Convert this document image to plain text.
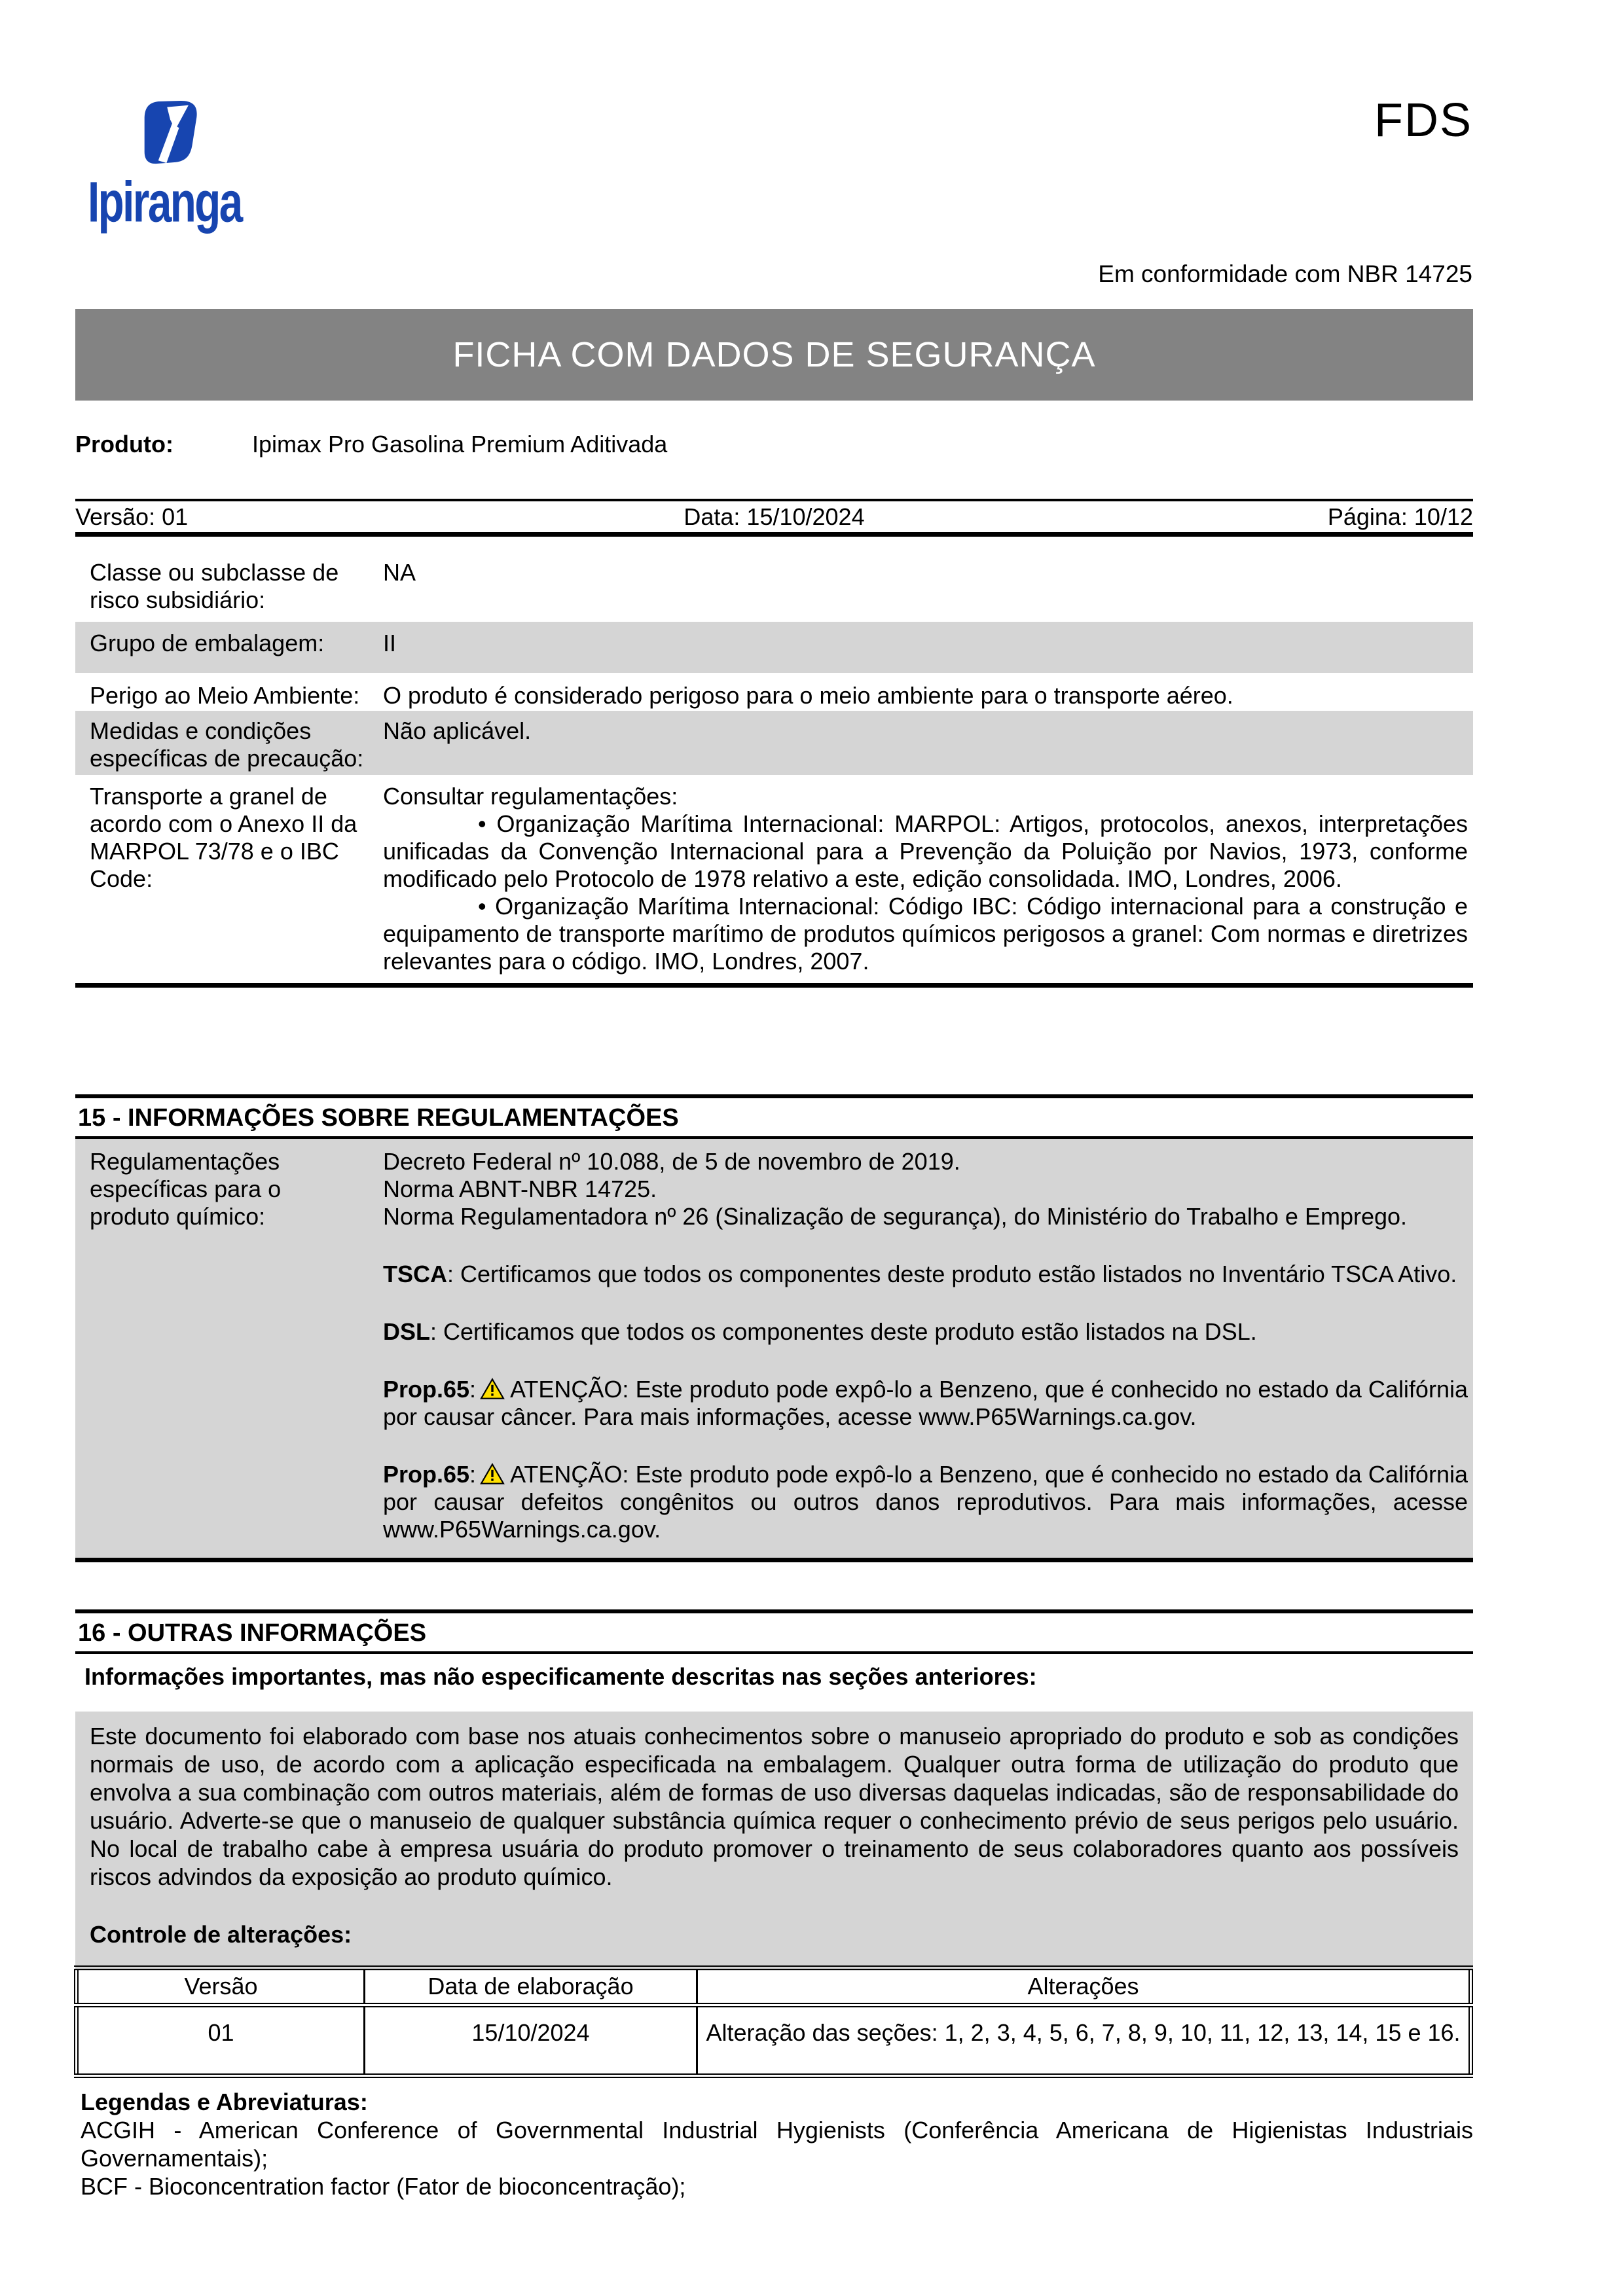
Ipiranga
FDS
Em conformidade com NBR 14725
FICHA COM DADOS DE SEGURANÇA
Produto:	Ipimax Pro Gasolina Premium Aditivada
Versão: 01	Data: 15/10/2024	Página: 10/12
Classe ou subclasse de risco subsidiário:
NA
Grupo de embalagem:	II
Perigo ao Meio Ambiente: O produto é considerado perigoso para o meio ambiente para o transporte aéreo.
Medidas e condições específicas de precaução:
Não aplicável.
Transporte a granel de acordo com o Anexo II da MARPOL 73/78 e o IBC Code:
Consultar regulamentações:

• Organização Marítima Internacional: MARPOL: Artigos, protocolos, anexos, interpretações unificadas da Convenção Internacional para a Prevenção da Poluição por Navios, 1973, conforme modificado pelo Protocolo de 1978 relativo a este, edição consolidada. IMO, Londres, 2006.

• Organização Marítima Internacional: Código IBC: Código internacional para a construção e equipamento de transporte marítimo de produtos químicos perigosos a granel: Com normas e diretrizes relevantes para o código. IMO, Londres, 2007.

15 - INFORMAÇÕES SOBRE REGULAMENTAÇÕES
Regulamentações específicas para o produto químico:
Decreto Federal nº 10.088, de 5 de novembro de 2019.
Norma ABNT-NBR 14725.
Norma Regulamentadora nº 26 (Sinalização de segurança), do Ministério do Trabalho e Emprego.

TSCA: Certificamos que todos os componentes deste produto estão listados no Inventário TSCA Ativo.

DSL: Certificamos que todos os componentes deste produto estão listados na DSL.

Prop.65: ATENÇÃO: Este produto pode expô-lo a Benzeno, que é conhecido no estado da Califórnia por causar câncer. Para mais informações, acesse www.P65Warnings.ca.gov.

Prop.65: ATENÇÃO: Este produto pode expô-lo a Benzeno, que é conhecido no estado da Califórnia por causar defeitos congênitos ou outros danos reprodutivos. Para mais informações, acesse www.P65Warnings.ca.gov.

16 - OUTRAS INFORMAÇÕES
Informações importantes, mas não especificamente descritas nas seções anteriores:

Este documento foi elaborado com base nos atuais conhecimentos sobre o manuseio apropriado do produto e sob as condições normais de uso, de acordo com a aplicação especificada na embalagem. Qualquer outra forma de utilização do produto que envolva a sua combinação com outros materiais, além de formas de uso diversas daquelas indicadas, são de responsabilidade do usuário. Adverte-se que o manuseio de qualquer substância química requer o conhecimento prévio de seus perigos pelo usuário. No local de trabalho cabe à empresa usuária do produto promover o treinamento de seus colaboradores quanto aos possíveis riscos advindos da exposição ao produto químico.

Controle de alterações:
Versão	Data de elaboração	Alterações
01	15/10/2024	Alteração das seções: 1, 2, 3, 4, 5, 6, 7, 8, 9, 10, 11, 12, 13, 14, 15 e 16.
Legendas e Abreviaturas:

ACGIH - American Conference of Governmental Industrial Hygienists (Conferência Americana de Higienistas Industriais Governamentais);

BCF - Bioconcentration factor (Fator de bioconcentração);
